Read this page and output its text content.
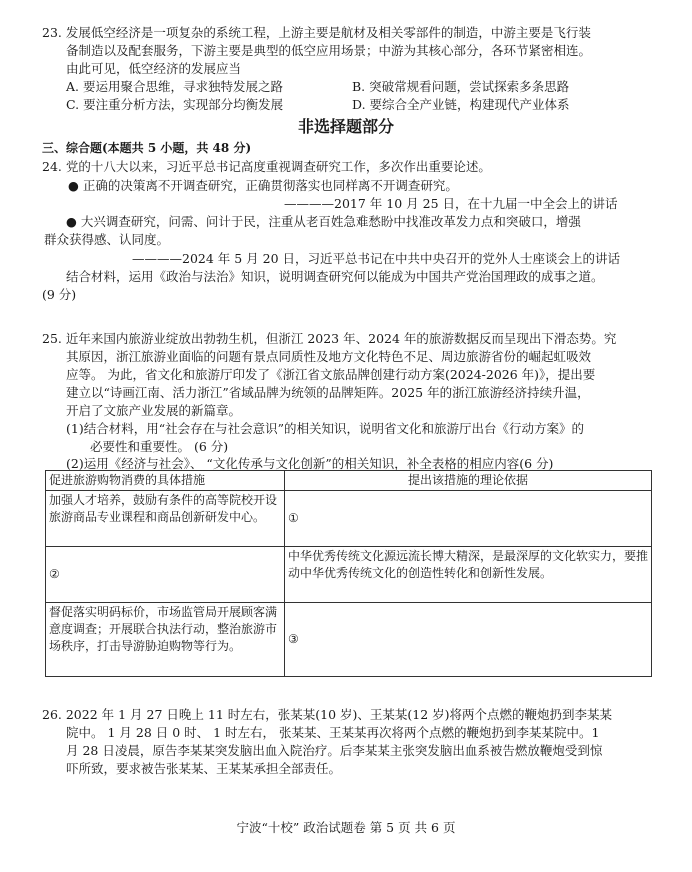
23. 发展低空经济是一项复杂的系统工程，上游主要是航材及相关零部件的制造，中游主要是飞行装
备制造以及配套服务，下游主要是典型的低空应用场景；中游为其核心部分，各环节紧密相连。
由此可见，低空经济的发展应当
A. 要运用聚合思维，寻求独特发展之路	B. 突破常规看问题，尝试探索多条思路
C. 要注重分析方法，实现部分均衡发展	D. 要综合全产业链，构建现代产业体系
非选择题部分
三、综合题(本题共 5 小题，共 48 分)
24. 党的十八大以来，习近平总书记高度重视调查研究工作，多次作出重要论述。
● 正确的决策离不开调查研究，正确贯彻落实也同样离不开调查研究。
————2017 年 10 月 25 日，在十九届一中全会上的讲话
● 大兴调查研究，问需、问计于民，注重从老百姓急难愁盼中找准改革发力点和突破口，增强
群众获得感、认同度。
————2024 年 5 月 20 日，习近平总书记在中共中央召开的党外人士座谈会上的讲话
结合材料，运用《政治与法治》知识，说明调查研究何以能成为中国共产党治国理政的成事之道。
(9 分)
25. 近年来国内旅游业绽放出勃勃生机，但浙江 2023 年、2024 年的旅游数据反而呈现出下滑态势。究
其原因，浙江旅游业面临的问题有景点同质性及地方文化特色不足、周边旅游省份的崛起虹吸效
应等。 为此，省文化和旅游厅印发了《浙江省文旅品牌创建行动方案(2024-2026 年)》，提出要
建立以“诗画江南、活力浙江”省域品牌为统领的品牌矩阵。2025 年的浙江旅游经济持续升温，
开启了文旅产业发展的新篇章。
(1)结合材料，用“社会存在与社会意识”的相关知识，说明省文化和旅游厅出台《行动方案》的
必要性和重要性。 (6 分)
(2)运用《经济与社会》、 “文化传承与文化创新”的相关知识，补全表格的相应内容(6 分)
促进旅游购物消费的具体措施	提出该措施的理论依据
加强人才培养，鼓励有条件的高等院校开设旅游商品专业课程和商品创新研发中心。	①
②	中华优秀传统文化源远流长博大精深，是最深厚的文化软实力，要推动中华优秀传统文化的创造性转化和创新性发展。
督促落实明码标价，市场监管局开展顾客满意度调查；开展联合执法行动，整治旅游市场秩序，打击导游胁迫购物等行为。	③
26. 2022 年 1 月 27 日晚上 11 时左右，张某某(10 岁)、王某某(12 岁)将两个点燃的鞭炮扔到李某某
院中。 1 月 28 日 0 时、 1 时左右， 张某某、王某某再次将两个点燃的鞭炮扔到李某某院中。1
月 28 日凌晨，原告李某某突发脑出血入院治疗。后李某某主张突发脑出血系被告燃放鞭炮受到惊
吓所致，要求被告张某某、王某某承担全部责任。
宁波“十校” 政治试题卷 第 5 页 共 6 页
